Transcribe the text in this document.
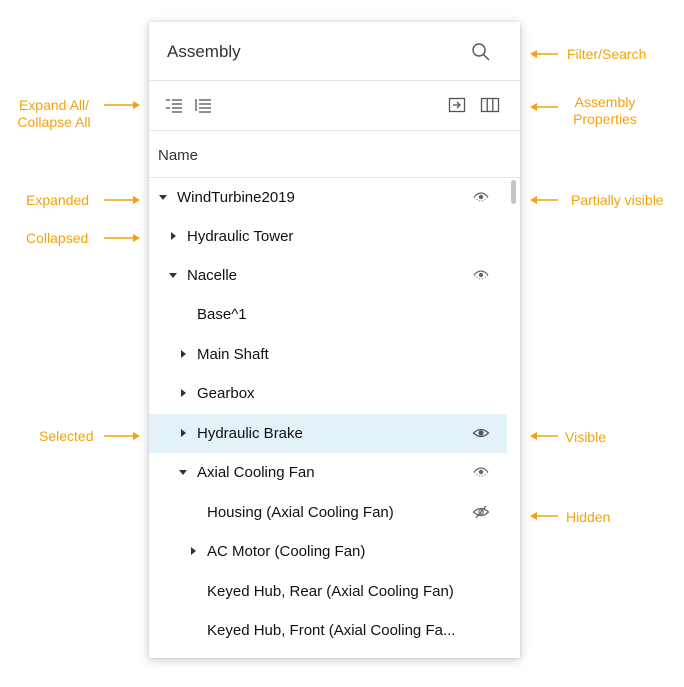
Assembly
Name
WindTurbine2019
Hydraulic Tower
Nacelle
Base^1
Main Shaft
Gearbox
Hydraulic Brake
Axial Cooling Fan
Housing (Axial Cooling Fan)
AC Motor (Cooling Fan)
Keyed Hub, Rear (Axial Cooling Fan)
Keyed Hub, Front (Axial Cooling Fa...
Filter/Search
Expand All/
Collapse All
Assembly
Properties
Expanded	Partially visible
Collapsed
Selected	Visible
Hidden
